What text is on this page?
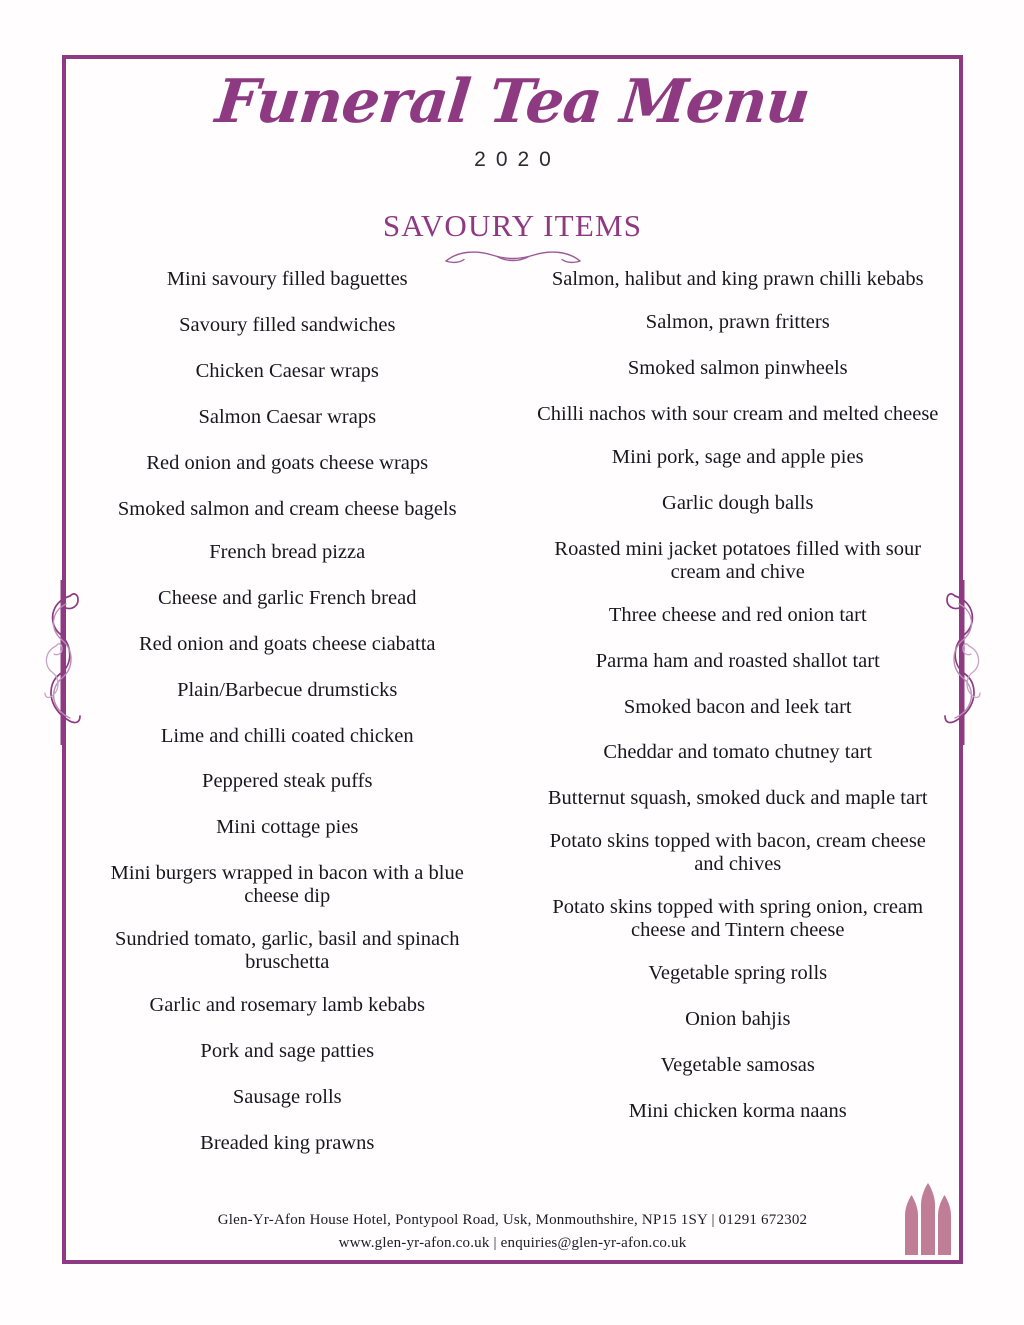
Funeral Tea Menu
2020
SAVOURY ITEMS
Mini savoury filled baguettes
Savoury filled sandwiches
Chicken Caesar wraps
Salmon Caesar wraps
Red onion and goats cheese wraps
Smoked salmon and cream cheese bagels
French bread pizza
Cheese and garlic French bread
Red onion and goats cheese ciabatta
Plain/Barbecue drumsticks
Lime and chilli coated chicken
Peppered steak puffs
Mini cottage pies
Mini burgers wrapped in bacon with a blue cheese dip
Sundried tomato, garlic, basil and spinach bruschetta
Garlic and rosemary lamb kebabs
Pork and sage patties
Sausage rolls
Breaded king prawns
Salmon, halibut and king prawn chilli kebabs
Salmon, prawn fritters
Smoked salmon pinwheels
Chilli nachos with sour cream and melted cheese
Mini pork, sage and apple pies
Garlic dough balls
Roasted mini jacket potatoes filled with sour cream and chive
Three cheese and red onion tart
Parma ham and roasted shallot tart
Smoked bacon and leek tart
Cheddar and tomato chutney tart
Butternut squash, smoked duck and maple tart
Potato skins topped with bacon, cream cheese and chives
Potato skins topped with spring onion, cream cheese and Tintern cheese
Vegetable spring rolls
Onion bahjis
Vegetable samosas
Mini chicken korma naans
Glen-Yr-Afon House Hotel, Pontypool Road, Usk, Monmouthshire, NP15 1SY | 01291 672302
www.glen-yr-afon.co.uk | enquiries@glen-yr-afon.co.uk
